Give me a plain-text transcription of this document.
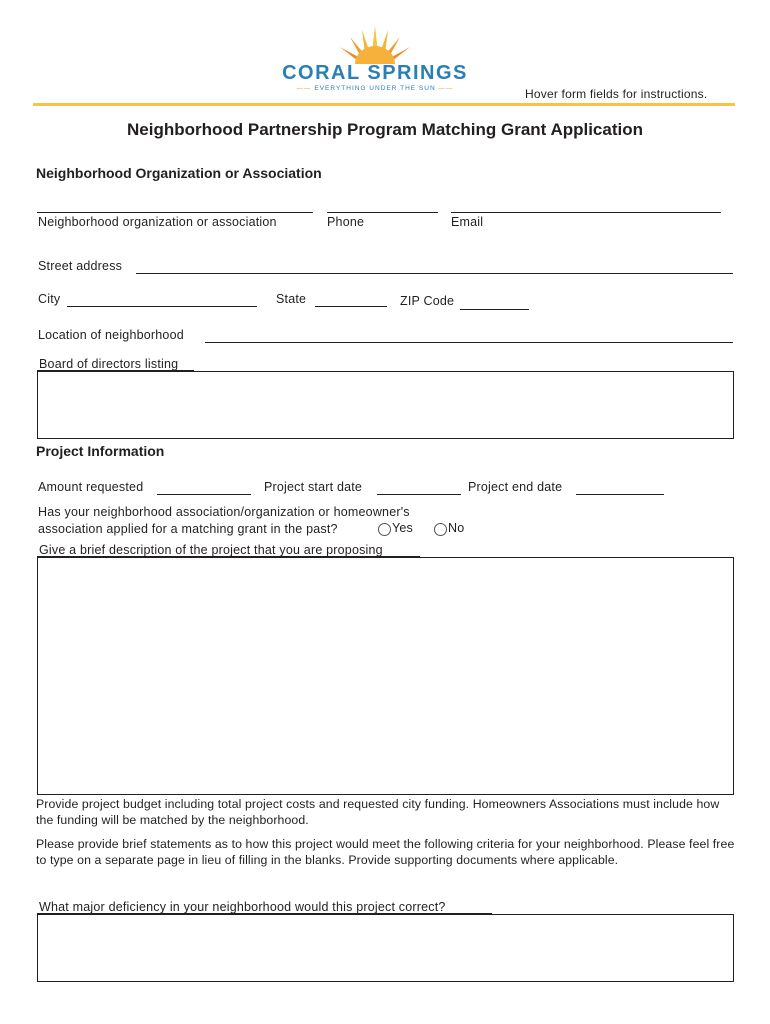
CORAL SPRINGS
—— EVERYTHING UNDER THE SUN ——	Hover form fields for instructions.
Neighborhood Partnership Program Matching Grant Application
Neighborhood Organization or Association
Neighborhood organization or association	Phone	Email
Street address
City	State	ZIP Code
Location of neighborhood
Board of directors listing
Project Information
Amount requested	Project start date	Project end date
Has your neighborhood association/organization or homeowner's
association applied for a matching grant in the past?	Yes	No
Give a brief description of the project that you are proposing
Provide project budget including total project costs and requested city funding. Homeowners Associations must include how the funding will be matched by the neighborhood.
Please provide brief statements as to how this project would meet the following criteria for your neighborhood. Please feel free to type on a separate page in lieu of filling in the blanks. Provide supporting documents where applicable.
What major deficiency in your neighborhood would this project correct?
